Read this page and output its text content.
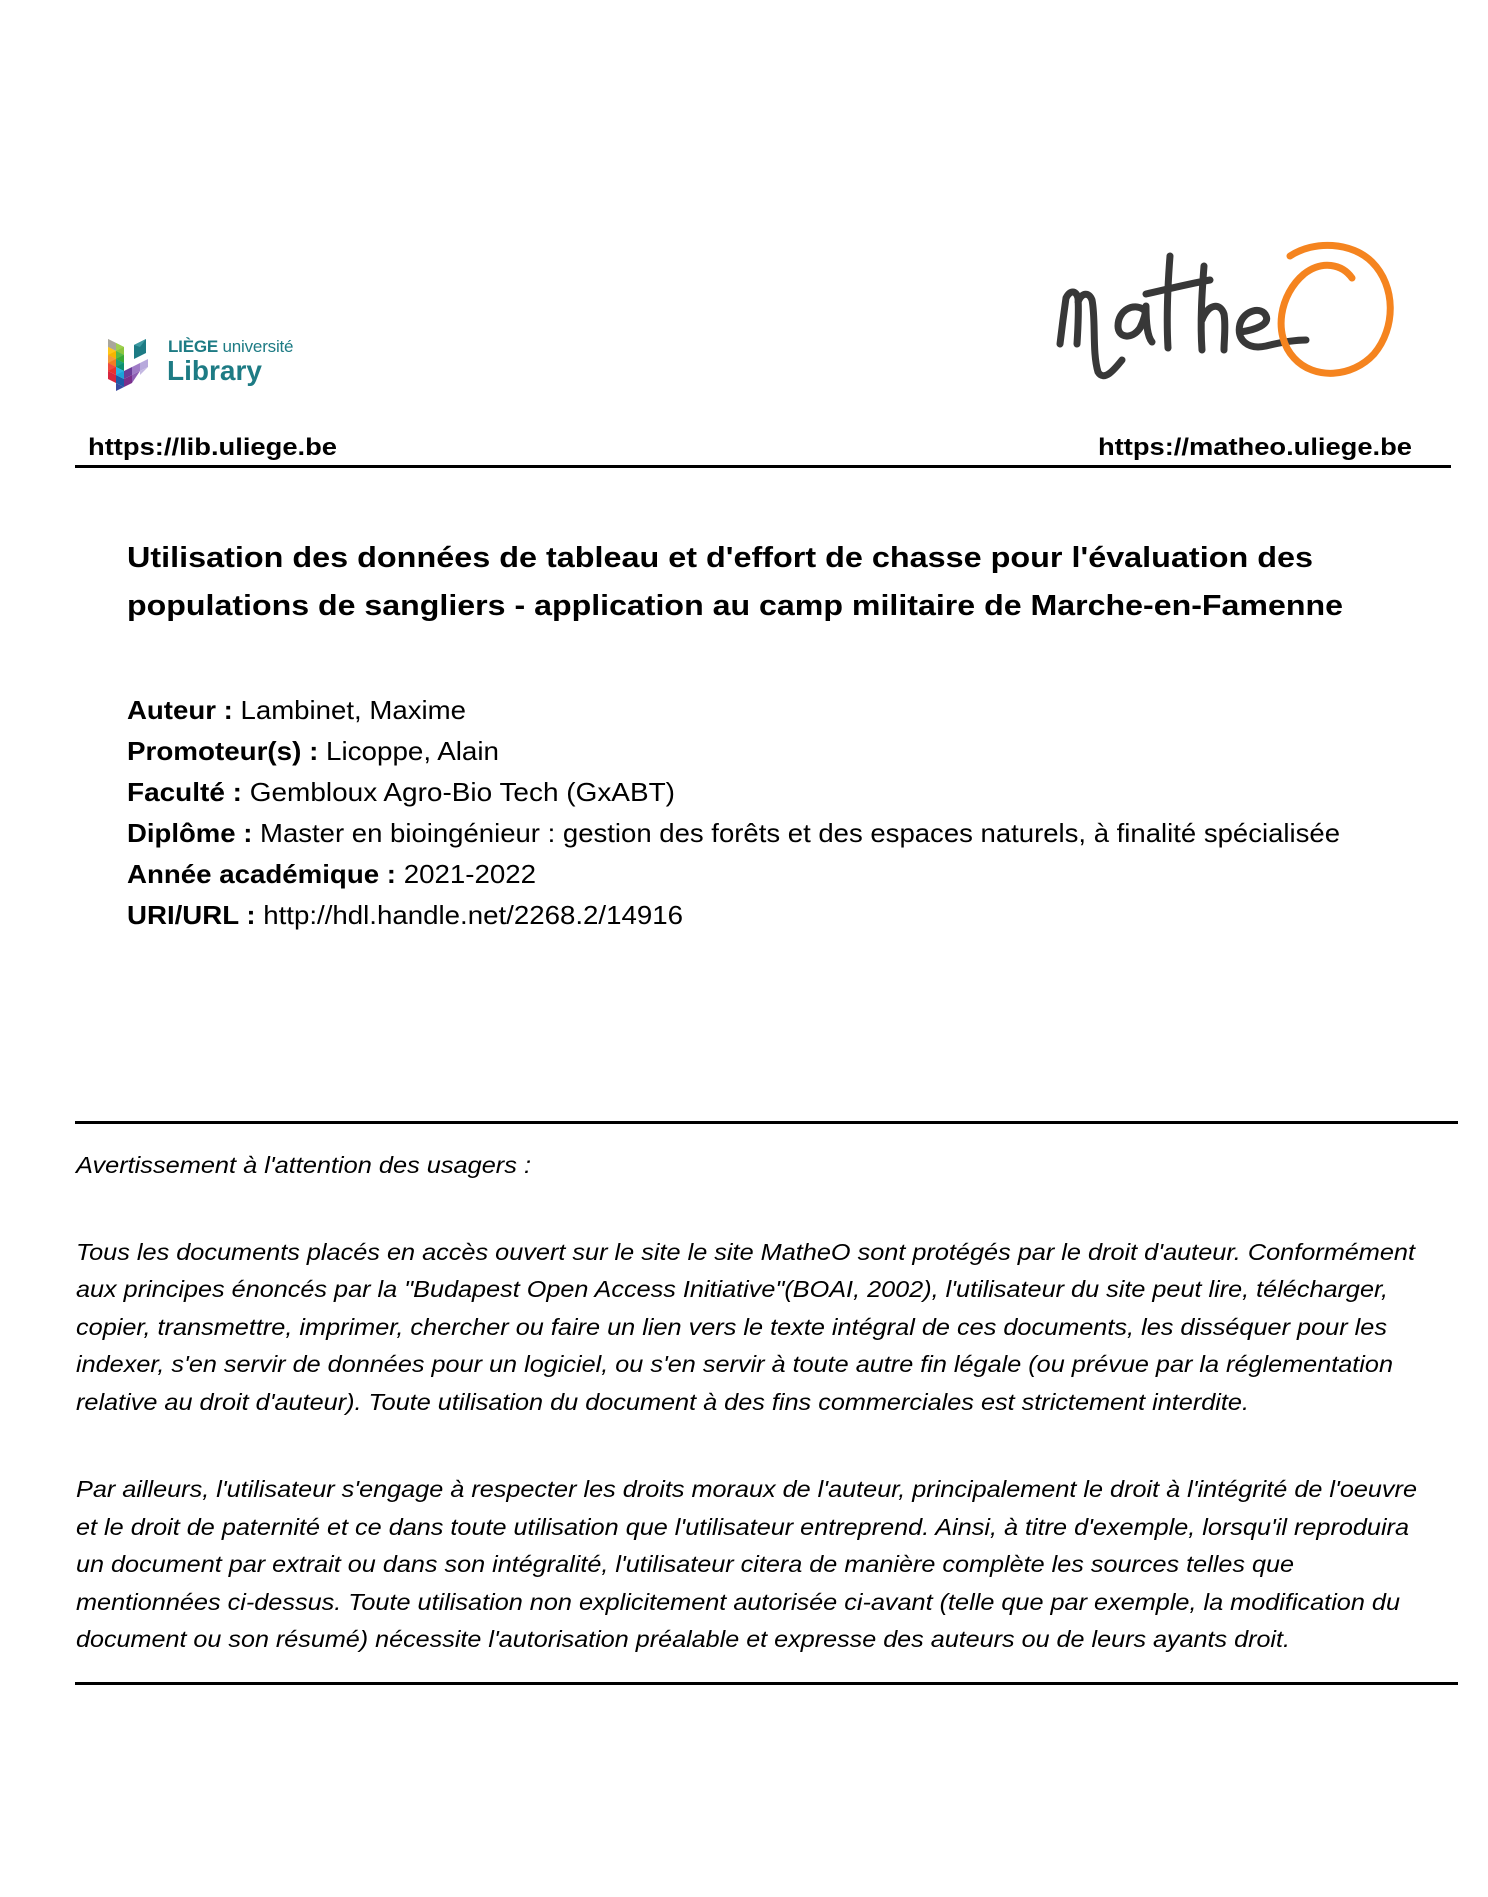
LIÈGE université
Library
https://lib.uliege.be	https://matheo.uliege.be
Utilisation des données de tableau et d'effort de chasse pour l'évaluation des
populations de sangliers - application au camp militaire de Marche-en-Famenne
Auteur : Lambinet, Maxime
Promoteur(s) : Licoppe, Alain
Faculté : Gembloux Agro-Bio Tech (GxABT)
Diplôme : Master en bioingénieur : gestion des forêts et des espaces naturels, à finalité spécialisée
Année académique : 2021-2022
URI/URL : http://hdl.handle.net/2268.2/14916
Avertissement à l'attention des usagers :
Tous les documents placés en accès ouvert sur le site le site MatheO sont protégés par le droit d'auteur. Conformément
aux principes énoncés par la "Budapest Open Access Initiative"(BOAI, 2002), l'utilisateur du site peut lire, télécharger,
copier, transmettre, imprimer, chercher ou faire un lien vers le texte intégral de ces documents, les disséquer pour les
indexer, s'en servir de données pour un logiciel, ou s'en servir à toute autre fin légale (ou prévue par la réglementation
relative au droit d'auteur). Toute utilisation du document à des fins commerciales est strictement interdite.
Par ailleurs, l'utilisateur s'engage à respecter les droits moraux de l'auteur, principalement le droit à l'intégrité de l'oeuvre
et le droit de paternité et ce dans toute utilisation que l'utilisateur entreprend. Ainsi, à titre d'exemple, lorsqu'il reproduira
un document par extrait ou dans son intégralité, l'utilisateur citera de manière complète les sources telles que
mentionnées ci-dessus. Toute utilisation non explicitement autorisée ci-avant (telle que par exemple, la modification du
document ou son résumé) nécessite l'autorisation préalable et expresse des auteurs ou de leurs ayants droit.
